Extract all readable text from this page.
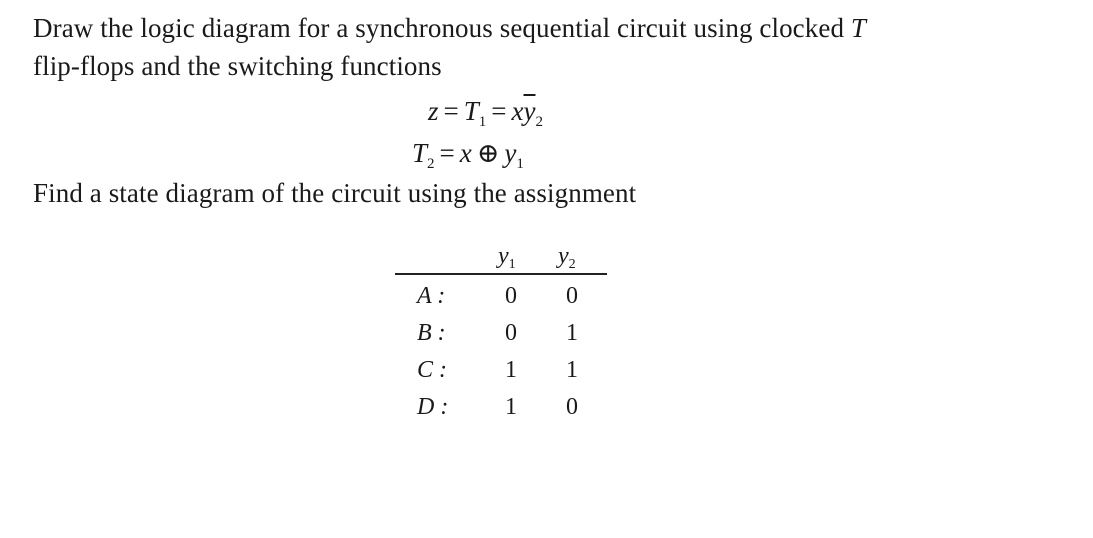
Draw the logic diagram for a synchronous sequential circuit using clocked T
flip-flops and the switching functions
$z = T_1 = x\overline{y}_2$
$T_2 = x$ ⊕ $y_1$
Find a state diagram of the circuit using the assignment
$y_1$ $y_2$
A : 0 0
B : 0 1
C : 1 1
D : 1 0
